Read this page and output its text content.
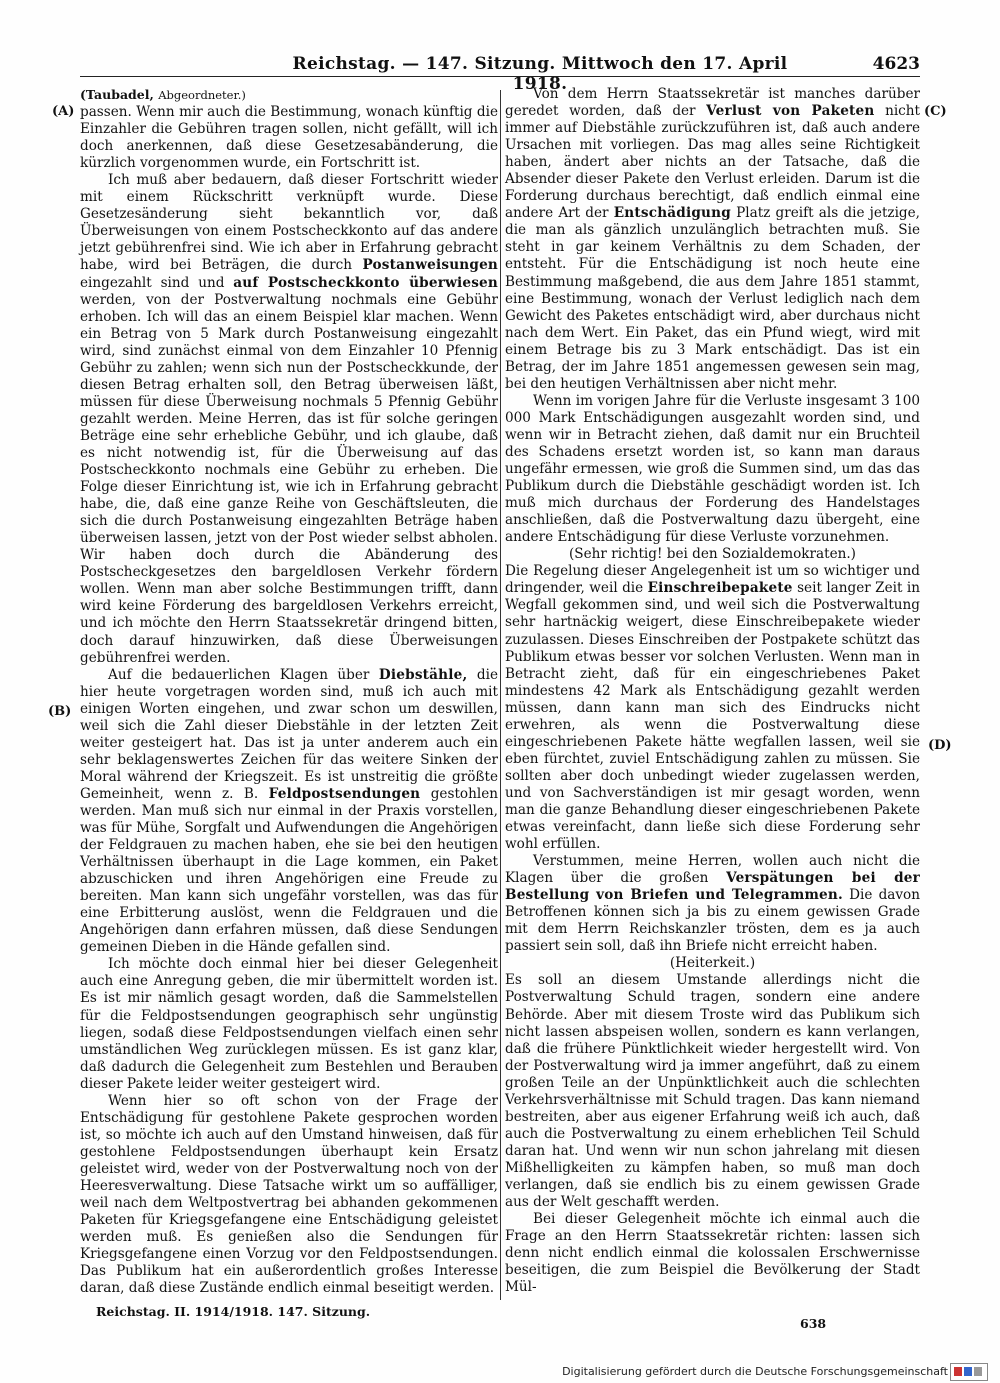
Reichstag. — 147. Sitzung. Mittwoch den 17. April 1918.
4623
(A)
(B)
(C)
(D)

(Taubadel, Abgeordneter.)

passen. Wenn mir auch die Bestimmung, wonach künftig die Einzahler die Gebühren tragen sollen, nicht gefällt, will ich doch anerkennen, daß diese Gesetzesabänderung, die kürzlich vorgenommen wurde, ein Fortschritt ist.

Ich muß aber bedauern, daß dieser Fortschritt wieder mit einem Rückschritt verknüpft wurde. Diese Gesetzesänderung sieht bekanntlich vor, daß Überweisungen von einem Postscheckkonto auf das andere jetzt gebührenfrei sind. Wie ich aber in Erfahrung gebracht habe, wird bei Beträgen, die durch Postanweisungen eingezahlt sind und auf Postscheckkonto überwiesen werden, von der Postverwaltung nochmals eine Gebühr erhoben. Ich will das an einem Beispiel klar machen. Wenn ein Betrag von 5 Mark durch Postanweisung eingezahlt wird, sind zunächst einmal von dem Einzahler 10 Pfennig Gebühr zu zahlen; wenn sich nun der Postscheckkunde, der diesen Betrag erhalten soll, den Betrag überweisen läßt, müssen für diese Überweisung nochmals 5 Pfennig Gebühr gezahlt werden. Meine Herren, das ist für solche geringen Beträge eine sehr erhebliche Gebühr, und ich glaube, daß es nicht notwendig ist, für die Überweisung auf das Postscheckkonto nochmals eine Gebühr zu erheben. Die Folge dieser Einrichtung ist, wie ich in Erfahrung gebracht habe, die, daß eine ganze Reihe von Geschäftsleuten, die sich die durch Postanweisung eingezahlten Beträge haben überweisen lassen, jetzt von der Post wieder selbst abholen. Wir haben doch durch die Abänderung des Postscheckgesetzes den bargeldlosen Verkehr fördern wollen. Wenn man aber solche Bestimmungen trifft, dann wird keine Förderung des bargeldlosen Verkehrs erreicht, und ich möchte den Herrn Staatssekretär dringend bitten, doch darauf hinzuwirken, daß diese Überweisungen gebührenfrei werden.

Auf die bedauerlichen Klagen über Diebstähle, die hier heute vorgetragen worden sind, muß ich auch mit einigen Worten eingehen, und zwar schon um deswillen, weil sich die Zahl dieser Diebstähle in der letzten Zeit weiter gesteigert hat. Das ist ja unter anderem auch ein sehr beklagenswertes Zeichen für das weitere Sinken der Moral während der Kriegszeit. Es ist unstreitig die größte Gemeinheit, wenn z. B. Feldpostsendungen gestohlen werden. Man muß sich nur einmal in der Praxis vorstellen, was für Mühe, Sorgfalt und Aufwendungen die Angehörigen der Feldgrauen zu machen haben, ehe sie bei den heutigen Verhältnissen überhaupt in die Lage kommen, ein Paket abzuschicken und ihren Angehörigen eine Freude zu bereiten. Man kann sich ungefähr vorstellen, was das für eine Erbitterung auslöst, wenn die Feldgrauen und die Angehörigen dann erfahren müssen, daß diese Sendungen gemeinen Dieben in die Hände gefallen sind.

Ich möchte doch einmal hier bei dieser Gelegenheit auch eine Anregung geben, die mir übermittelt worden ist. Es ist mir nämlich gesagt worden, daß die Sammelstellen für die Feldpostsendungen geographisch sehr ungünstig liegen, sodaß diese Feldpostsendungen vielfach einen sehr umständlichen Weg zurücklegen müssen. Es ist ganz klar, daß dadurch die Gelegenheit zum Bestehlen und Berauben dieser Pakete leider weiter gesteigert wird.

Wenn hier so oft schon von der Frage der Entschädigung für gestohlene Pakete gesprochen worden ist, so möchte ich auch auf den Umstand hinweisen, daß für gestohlene Feldpostsendungen überhaupt kein Ersatz geleistet wird, weder von der Postverwaltung noch von der Heeresverwaltung. Diese Tatsache wirkt um so auffälliger, weil nach dem Weltpostvertrag bei abhanden gekommenen Paketen für Kriegsgefangene eine Entschädigung geleistet werden muß. Es genießen also die Sendungen für Kriegsgefangene einen Vorzug vor den Feldpostsendungen. Das Publikum hat ein außerordentlich großes Interesse daran, daß diese Zustände endlich einmal beseitigt werden.

Von dem Herrn Staatssekretär ist manches darüber geredet worden, daß der Verlust von Paketen nicht immer auf Diebstähle zurückzuführen ist, daß auch andere Ursachen mit vorliegen. Das mag alles seine Richtigkeit haben, ändert aber nichts an der Tatsache, daß die Absender dieser Pakete den Verlust erleiden. Darum ist die Forderung durchaus berechtigt, daß endlich einmal eine andere Art der Entschädigung Platz greift als die jetzige, die man als gänzlich unzulänglich betrachten muß. Sie steht in gar keinem Verhältnis zu dem Schaden, der entsteht. Für die Entschädigung ist noch heute eine Bestimmung maßgebend, die aus dem Jahre 1851 stammt, eine Bestimmung, wonach der Verlust lediglich nach dem Gewicht des Paketes entschädigt wird, aber durchaus nicht nach dem Wert. Ein Paket, das ein Pfund wiegt, wird mit einem Betrage bis zu 3 Mark entschädigt. Das ist ein Betrag, der im Jahre 1851 angemessen gewesen sein mag, bei den heutigen Verhältnissen aber nicht mehr.

Wenn im vorigen Jahre für die Verluste insgesamt 3 100 000 Mark Entschädigungen ausgezahlt worden sind, und wenn wir in Betracht ziehen, daß damit nur ein Bruchteil des Schadens ersetzt worden ist, so kann man daraus ungefähr ermessen, wie groß die Summen sind, um das das Publikum durch die Diebstähle geschädigt worden ist. Ich muß mich durchaus der Forderung des Handelstages anschließen, daß die Postverwaltung dazu übergeht, eine andere Entschädigung für diese Verluste vorzunehmen.

(Sehr richtig! bei den Sozialdemokraten.)

Die Regelung dieser Angelegenheit ist um so wichtiger und dringender, weil die Einschreibepakete seit langer Zeit in Wegfall gekommen sind, und weil sich die Postverwaltung sehr hartnäckig weigert, diese Einschreibepakete wieder zuzulassen. Dieses Einschreiben der Postpakete schützt das Publikum etwas besser vor solchen Verlusten. Wenn man in Betracht zieht, daß für ein eingeschriebenes Paket mindestens 42 Mark als Entschädigung gezahlt werden müssen, dann kann man sich des Eindrucks nicht erwehren, als wenn die Postverwaltung diese eingeschriebenen Pakete hätte wegfallen lassen, weil sie eben fürchtet, zuviel Entschädigung zahlen zu müssen. Sie sollten aber doch unbedingt wieder zugelassen werden, und von Sachverständigen ist mir gesagt worden, wenn man die ganze Behandlung dieser eingeschriebenen Pakete etwas vereinfacht, dann ließe sich diese Forderung sehr wohl erfüllen.

Verstummen, meine Herren, wollen auch nicht die Klagen über die großen Verspätungen bei der Bestellung von Briefen und Telegrammen. Die davon Betroffenen können sich ja bis zu einem gewissen Grade mit dem Herrn Reichskanzler trösten, dem es ja auch passiert sein soll, daß ihn Briefe nicht erreicht haben.

(Heiterkeit.)

Es soll an diesem Umstande allerdings nicht die Postverwaltung Schuld tragen, sondern eine andere Behörde. Aber mit diesem Troste wird das Publikum sich nicht lassen abspeisen wollen, sondern es kann verlangen, daß die frühere Pünktlichkeit wieder hergestellt wird. Von der Postverwaltung wird ja immer angeführt, daß zu einem großen Teile an der Unpünktlichkeit auch die schlechten Verkehrsverhältnisse mit Schuld tragen. Das kann niemand bestreiten, aber aus eigener Erfahrung weiß ich auch, daß auch die Postverwaltung zu einem erheblichen Teil Schuld daran hat. Und wenn wir nun schon jahrelang mit diesen Mißhelligkeiten zu kämpfen haben, so muß man doch verlangen, daß sie endlich bis zu einem gewissen Grade aus der Welt geschafft werden.

Bei dieser Gelegenheit möchte ich einmal auch die Frage an den Herrn Staatssekretär richten: lassen sich denn nicht endlich einmal die kolossalen Erschwernisse beseitigen, die zum Beispiel die Bevölkerung der Stadt Mül-

Reichstag. II. 1914/1918. 147. Sitzung.
638
Digitalisierung gefördert durch die Deutsche Forschungsgemeinschaft
